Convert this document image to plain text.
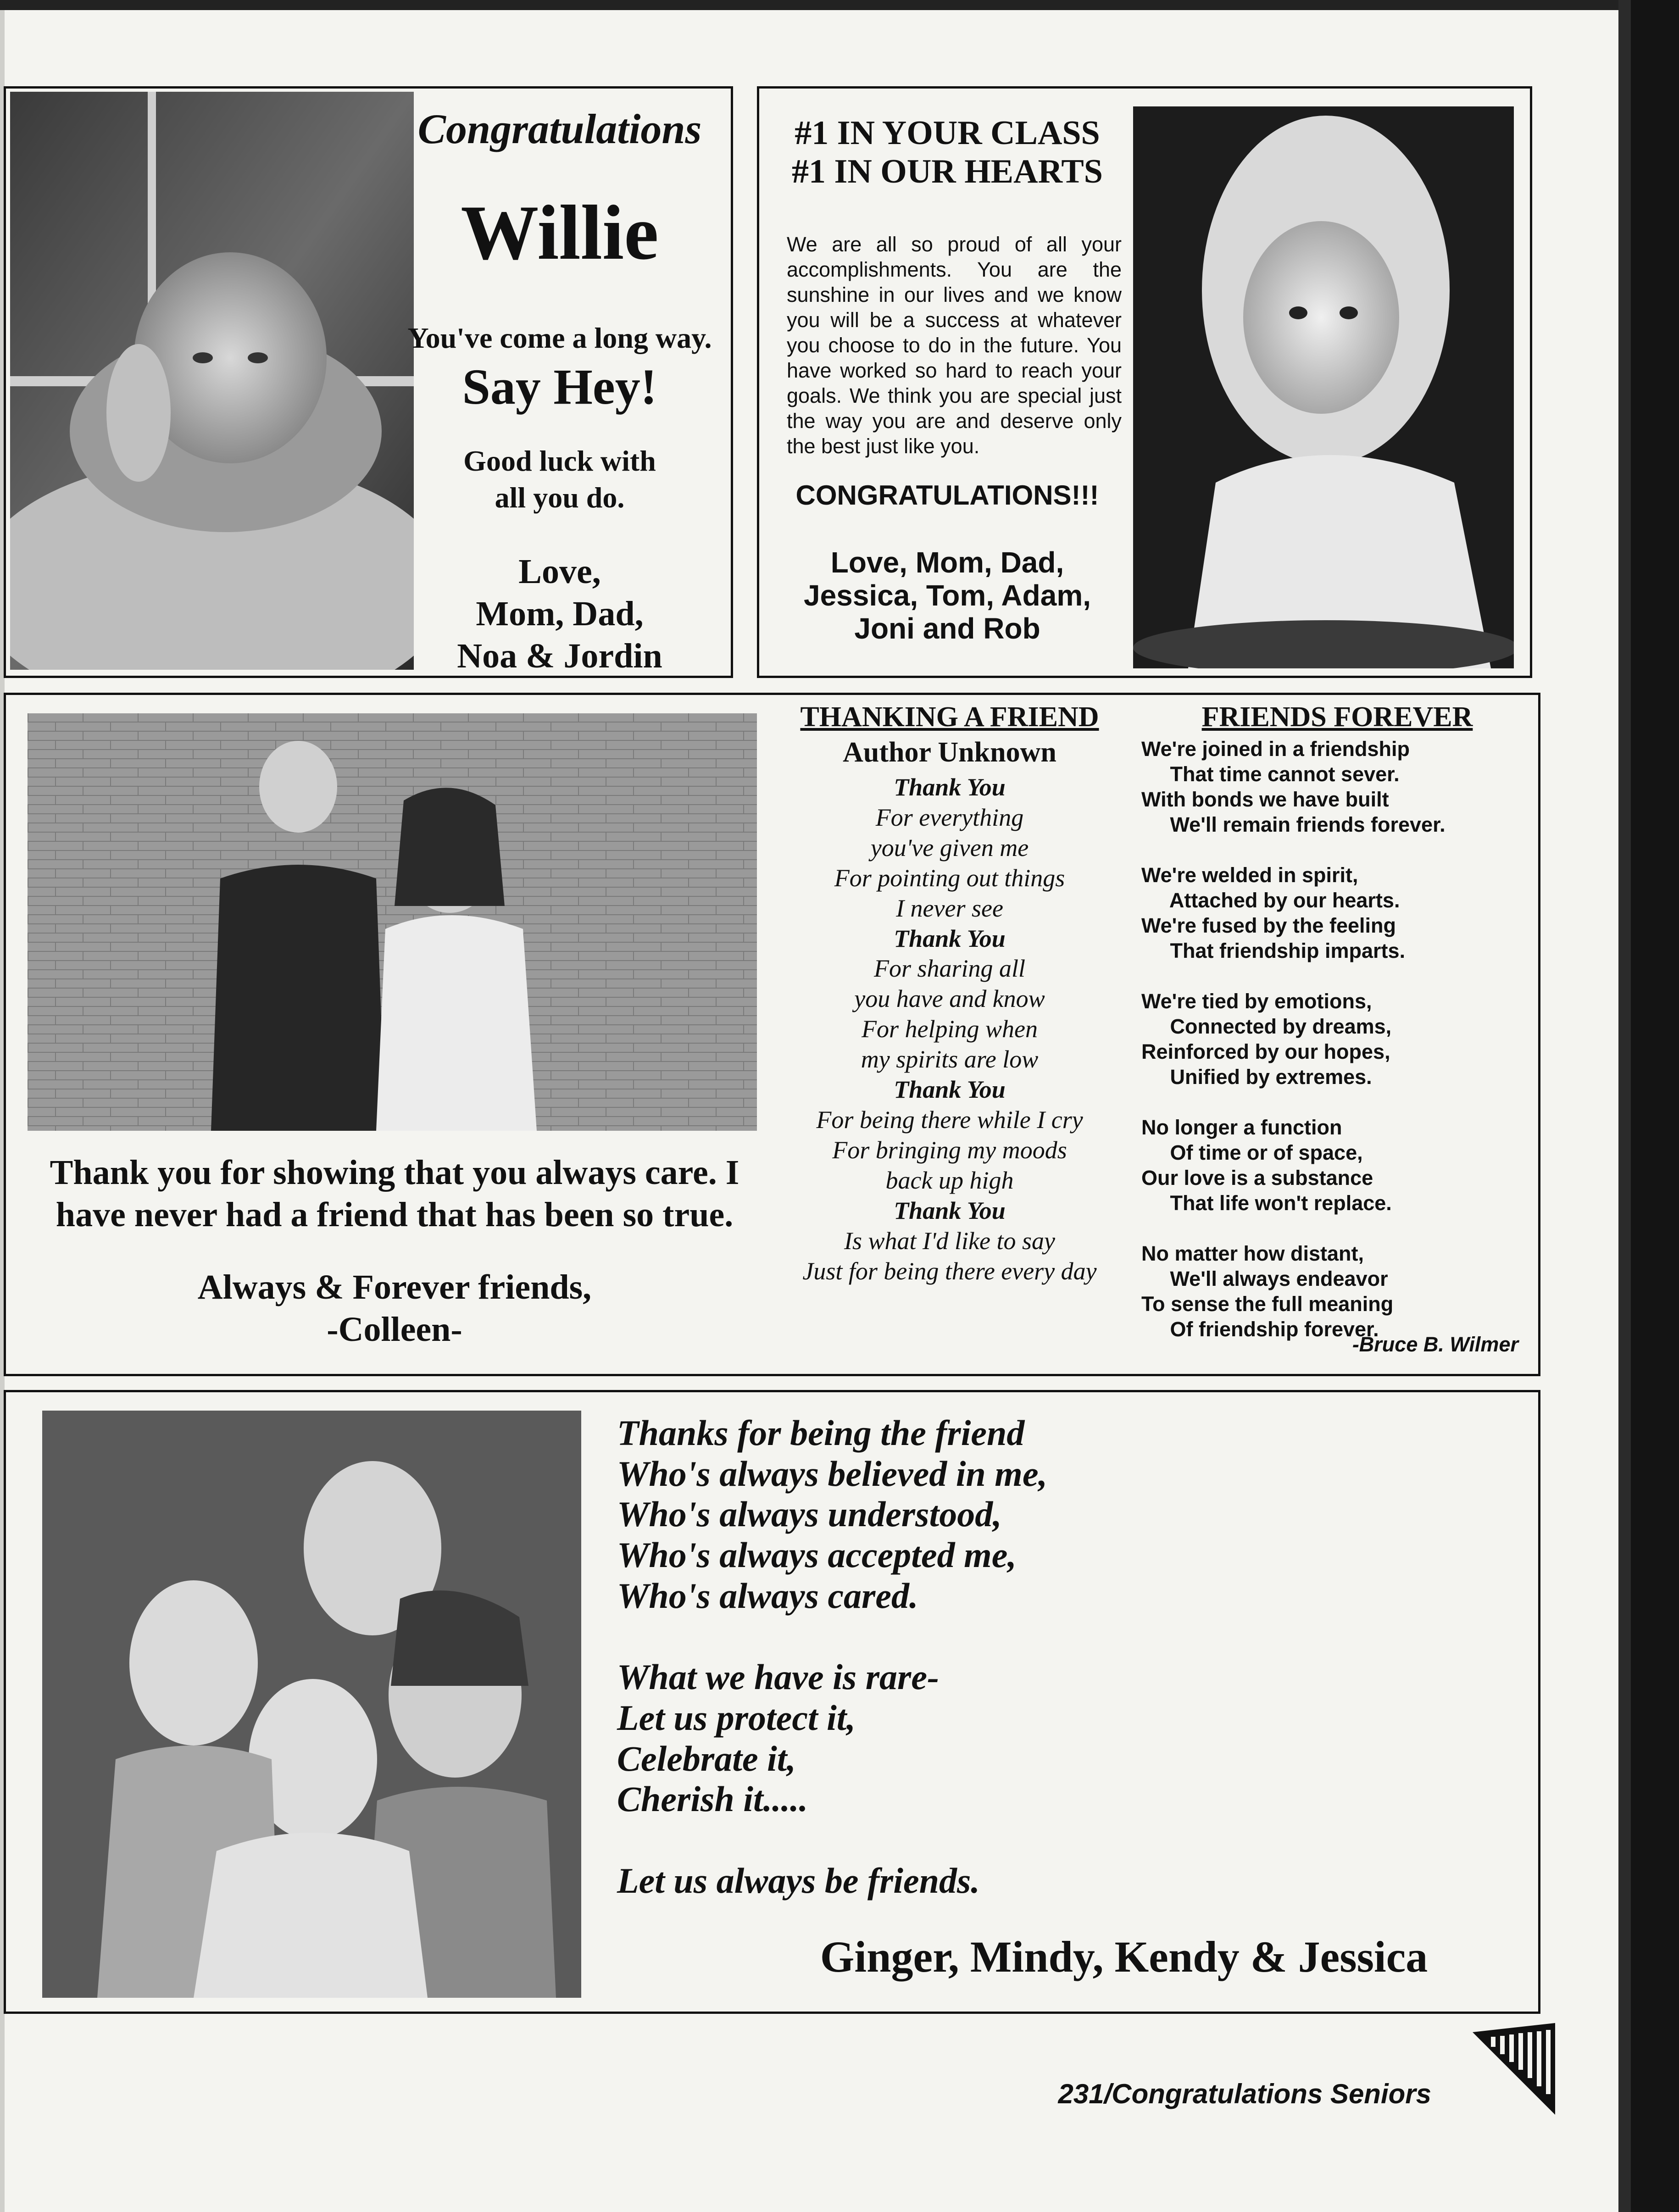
Congratulations
Willie
You've come a long way.
Say Hey!
Good luck with
all you do.
Love,
Mom, Dad,
Noa & Jordin
#1 IN YOUR CLASS
#1 IN OUR HEARTS
We are all so proud of all your accomplishments. You are the sunshine in our lives and we know you will be a success at whatever you choose to do in the future. You have worked so hard to reach your goals. We think you are special just the way you are and deserve only the best just like you.
CONGRATULATIONS!!!
Love, Mom, Dad,
Jessica, Tom, Adam,
Joni and Rob
Thank you for showing that you always care. I
have never had a friend that has been so true.
Always & Forever friends,
-Colleen-
THANKING A FRIEND
Author Unknown
Thank You
For everything
you've given me
For pointing out things
I never see
Thank You
For sharing all
you have and know
For helping when
my spirits are low
Thank You
For being there while I cry
For bringing my moods
back up high
Thank You
Is what I'd like to say
Just for being there every day
FRIENDS FOREVER
We're joined in a friendship
That time cannot sever.
With bonds we have built
We'll remain friends forever.
We're welded in spirit,
Attached by our hearts.
We're fused by the feeling
That friendship imparts.
We're tied by emotions,
Connected by dreams,
Reinforced by our hopes,
Unified by extremes.
No longer a function
Of time or of space,
Our love is a substance
That life won't replace.
No matter how distant,
We'll always endeavor
To sense the full meaning
Of friendship forever.
-Bruce B. Wilmer
Thanks for being the friend
Who's always believed in me,
Who's always understood,
Who's always accepted me,
Who's always cared.
What we have is rare-
Let us protect it,
Celebrate it,
Cherish it.....
Let us always be friends.
Ginger, Mindy, Kendy & Jessica
231/Congratulations Seniors
